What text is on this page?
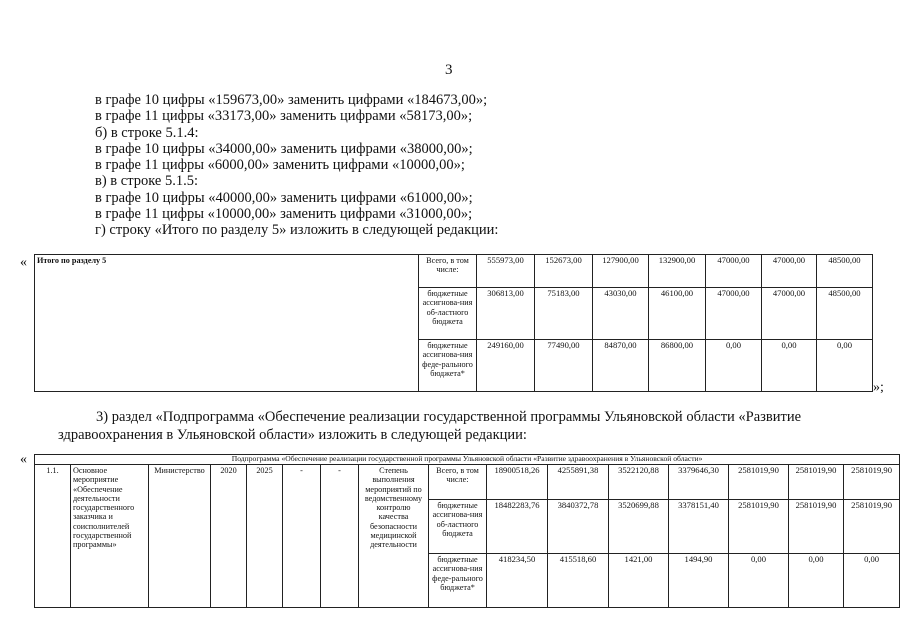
3
в графе 10 цифры «159673,00» заменить цифрами «184673,00»;
в графе 11 цифры «33173,00» заменить цифрами «58173,00»;
б) в строке 5.1.4:
в графе 10 цифры «34000,00» заменить цифрами «38000,00»;
в графе 11 цифры «6000,00» заменить цифрами «10000,00»;
в) в строке 5.1.5:
в графе 10 цифры «40000,00» заменить цифрами «61000,00»;
в графе 11 цифры «10000,00» заменить цифрами «31000,00»;
г) строку «Итого по разделу 5» изложить в следующей редакции:
« Итого по разделу 5	Всего, в том числе:	555973,00	152673,00	127900,00	132900,00	47000,00	47000,00	48500,00
	бюджетные ассигнова-ния об-ластного бюджета	306813,00	75183,00	43030,00	46100,00	47000,00	47000,00	48500,00
	бюджетные ассигнова-ния феде-рального бюджета*	249160,00	77490,00	84870,00	86800,00	0,00	0,00	0,00
»;
3) раздел «Подпрограмма «Обеспечение реализации государственной программы Ульяновской области «Развитие
здравоохранения в Ульяновской области» изложить в следующей редакции:
«	Подпрограмма «Обеспечение реализации государственной программы Ульяновской области «Развитие здравоохранения в Ульяновской области»															
1.1.	Основное мероприятие «Обеспечение деятельности государственного заказчика и соисполнителей государственной программы»	Министерство	2020	2025	-	-	Степень выполнения мероприятий по ведомственному контролю качества безопасности медицинской деятельности	Всего, в том числе:	18900518,26	4255891,38	3522120,88	3379646,30	2581019,90	2581019,90	2581019,90
								бюджетные ассигнова-ния об-ластного бюджета	18482283,76	3840372,78	3520699,88	3378151,40	2581019,90	2581019,90	2581019,90
								бюджетные ассигнова-ния феде-рального бюджета*	418234,50	415518,60	1421,00	1494,90	0,00	0,00	0,00
